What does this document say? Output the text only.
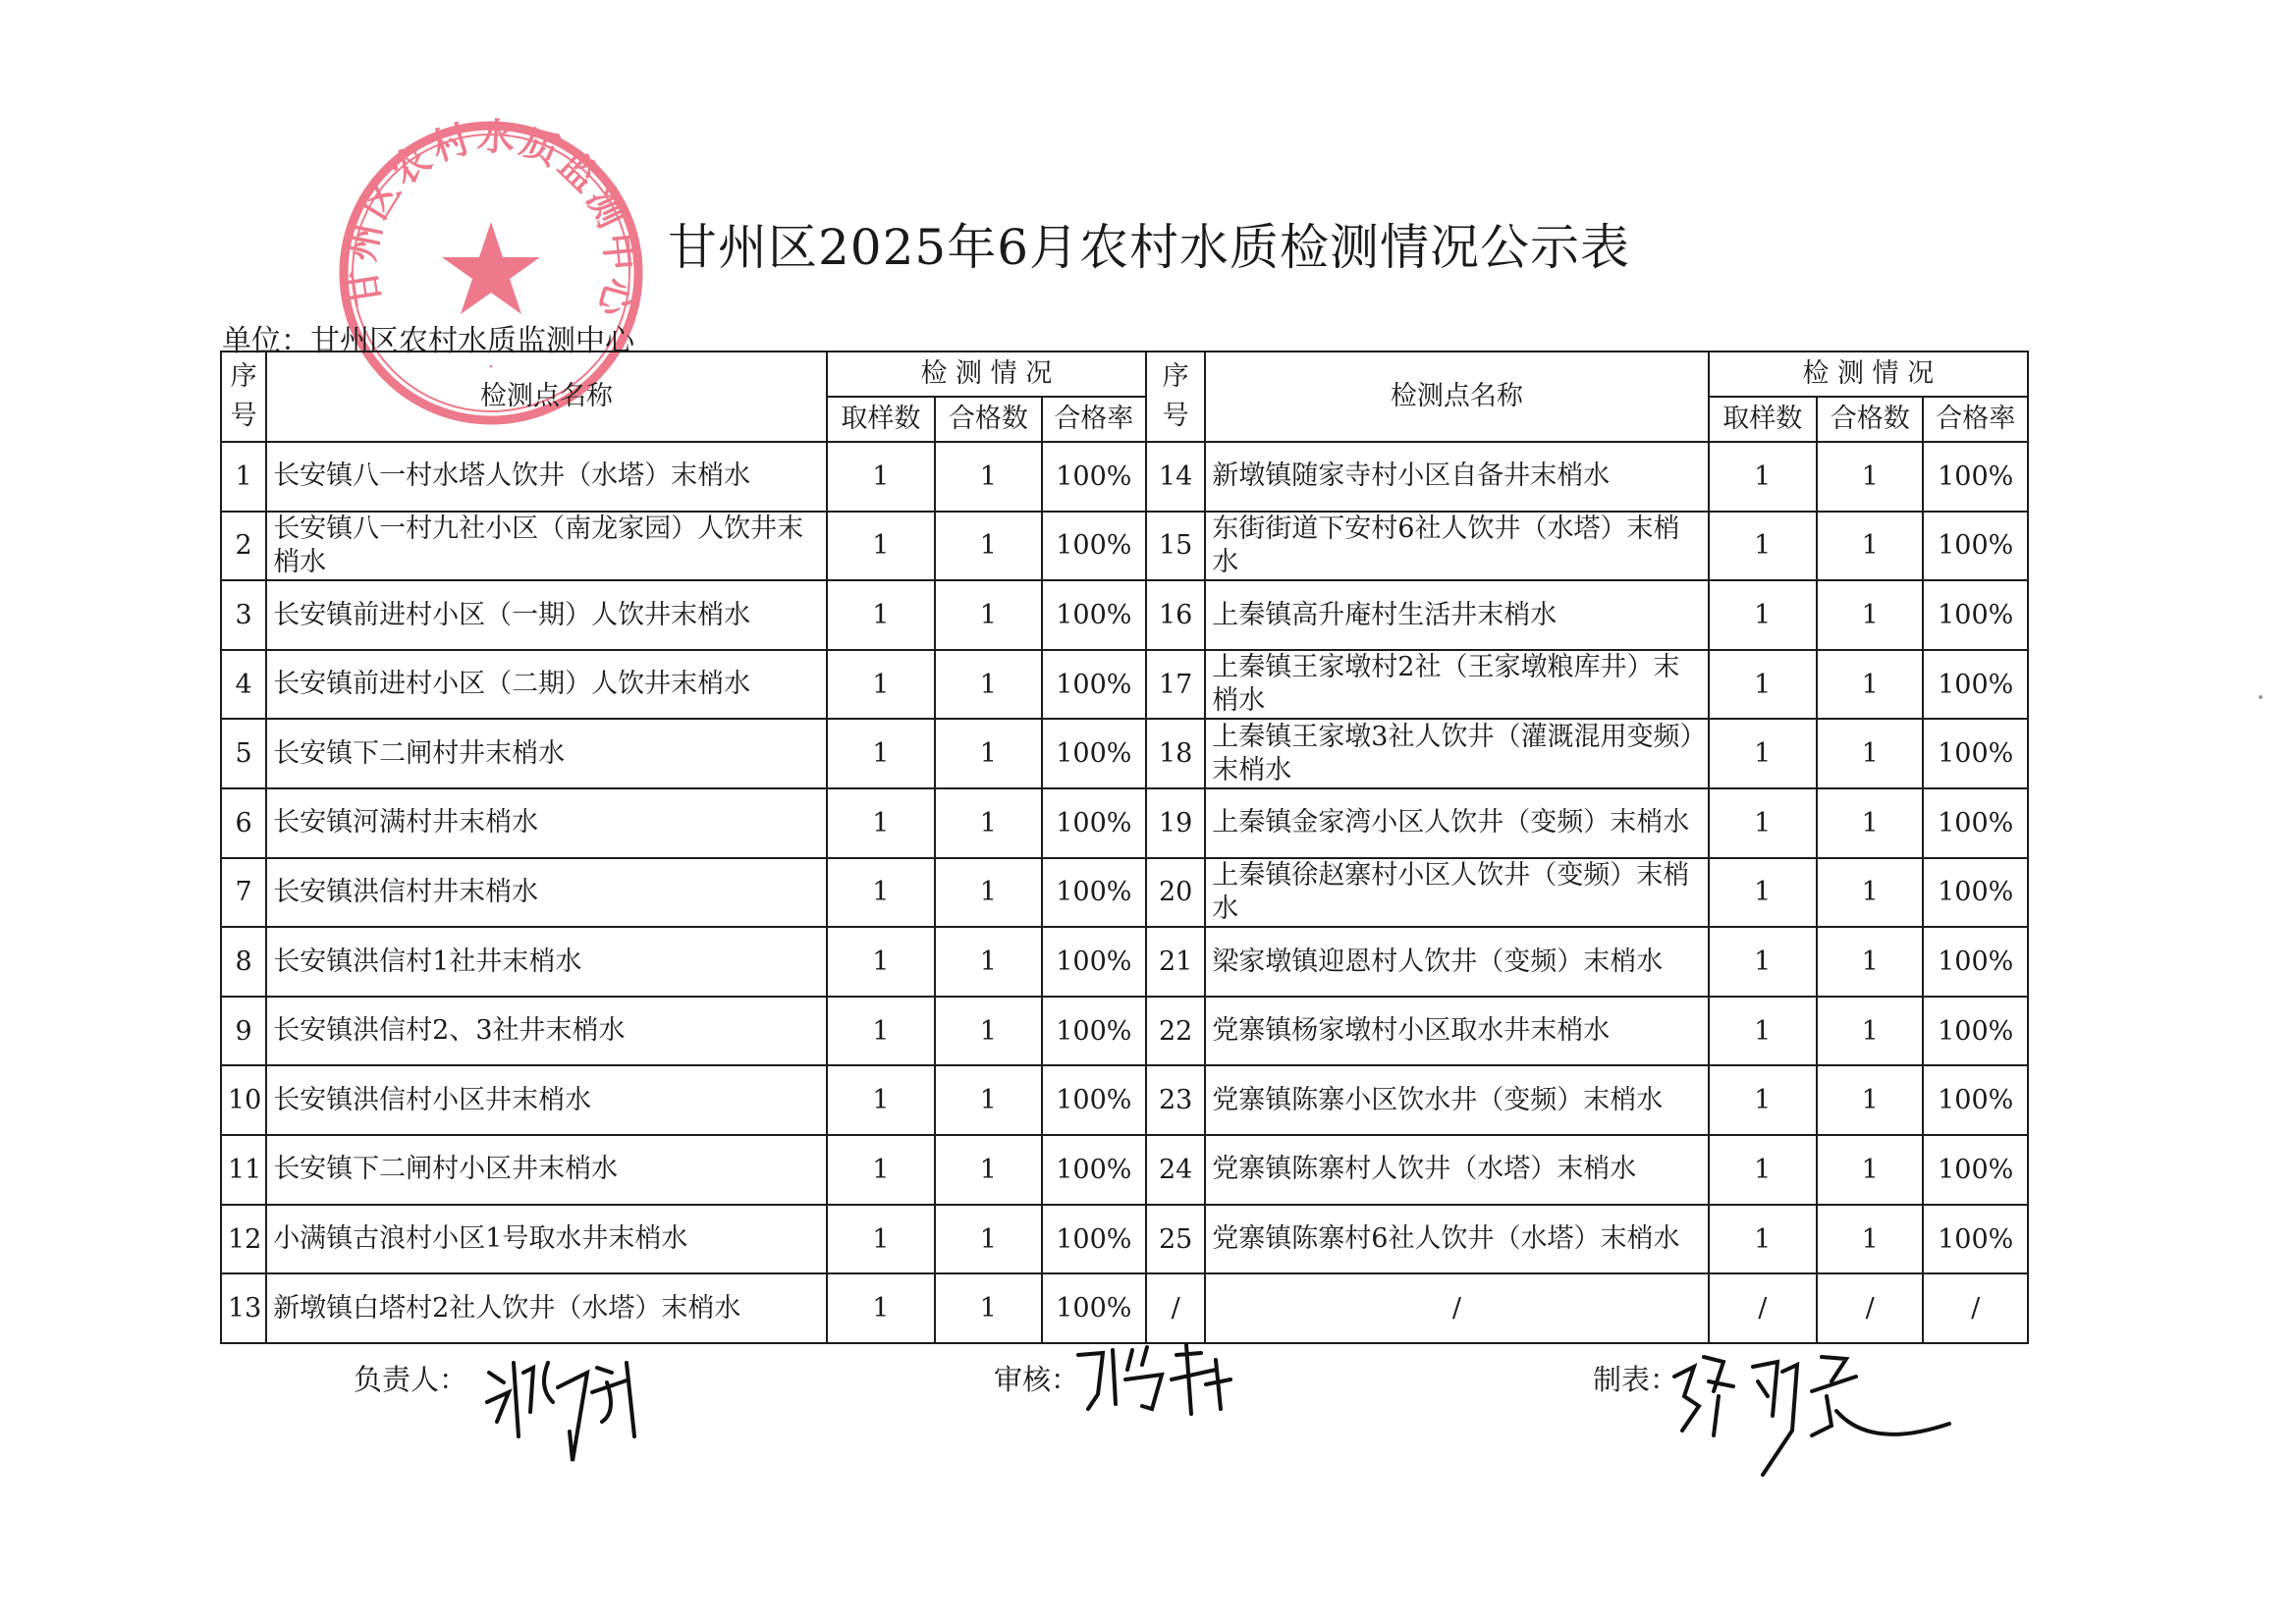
甘州区农村水质监测中心
·
甘州区2025年6月农村水质检测情况公示表
单位：甘州区农村水质监测中心
序号	检测点名称	检 测 情 况			序号	检测点名称	检 测 情 况		
		取样数	合格数	合格率			取样数	合格数	合格率
1	长安镇八一村水塔人饮井（水塔）末梢水	1	1	100%	14	新墩镇随家寺村小区自备井末梢水	1	1	100%
2	长安镇八一村九社小区（南龙家园）人饮井末梢水	1	1	100%	15	东街街道下安村6社人饮井（水塔）末梢水	1	1	100%
3	长安镇前进村小区（一期）人饮井末梢水	1	1	100%	16	上秦镇高升庵村生活井末梢水	1	1	100%
4	长安镇前进村小区（二期）人饮井末梢水	1	1	100%	17	上秦镇王家墩村2社（王家墩粮库井）末梢水	1	1	100%
5	长安镇下二闸村井末梢水	1	1	100%	18	上秦镇王家墩3社人饮井（灌溉混用变频）末梢水	1	1	100%
6	长安镇河满村井末梢水	1	1	100%	19	上秦镇金家湾小区人饮井（变频）末梢水	1	1	100%
7	长安镇洪信村井末梢水	1	1	100%	20	上秦镇徐赵寨村小区人饮井（变频）末梢水	1	1	100%
8	长安镇洪信村1社井末梢水	1	1	100%	21	梁家墩镇迎恩村人饮井（变频）末梢水	1	1	100%
9	长安镇洪信村2、3社井末梢水	1	1	100%	22	党寨镇杨家墩村小区取水井末梢水	1	1	100%
10	长安镇洪信村小区井末梢水	1	1	100%	23	党寨镇陈寨小区饮水井（变频）末梢水	1	1	100%
11	长安镇下二闸村小区井末梢水	1	1	100%	24	党寨镇陈寨村人饮井（水塔）末梢水	1	1	100%
12	小满镇古浪村小区1号取水井末梢水	1	1	100%	25	党寨镇陈寨村6社人饮井（水塔）末梢水	1	1	100%
13	新墩镇白塔村2社人饮井（水塔）末梢水	1	1	100%	/	/	/	/	/
负责人：	审核：	制表：
